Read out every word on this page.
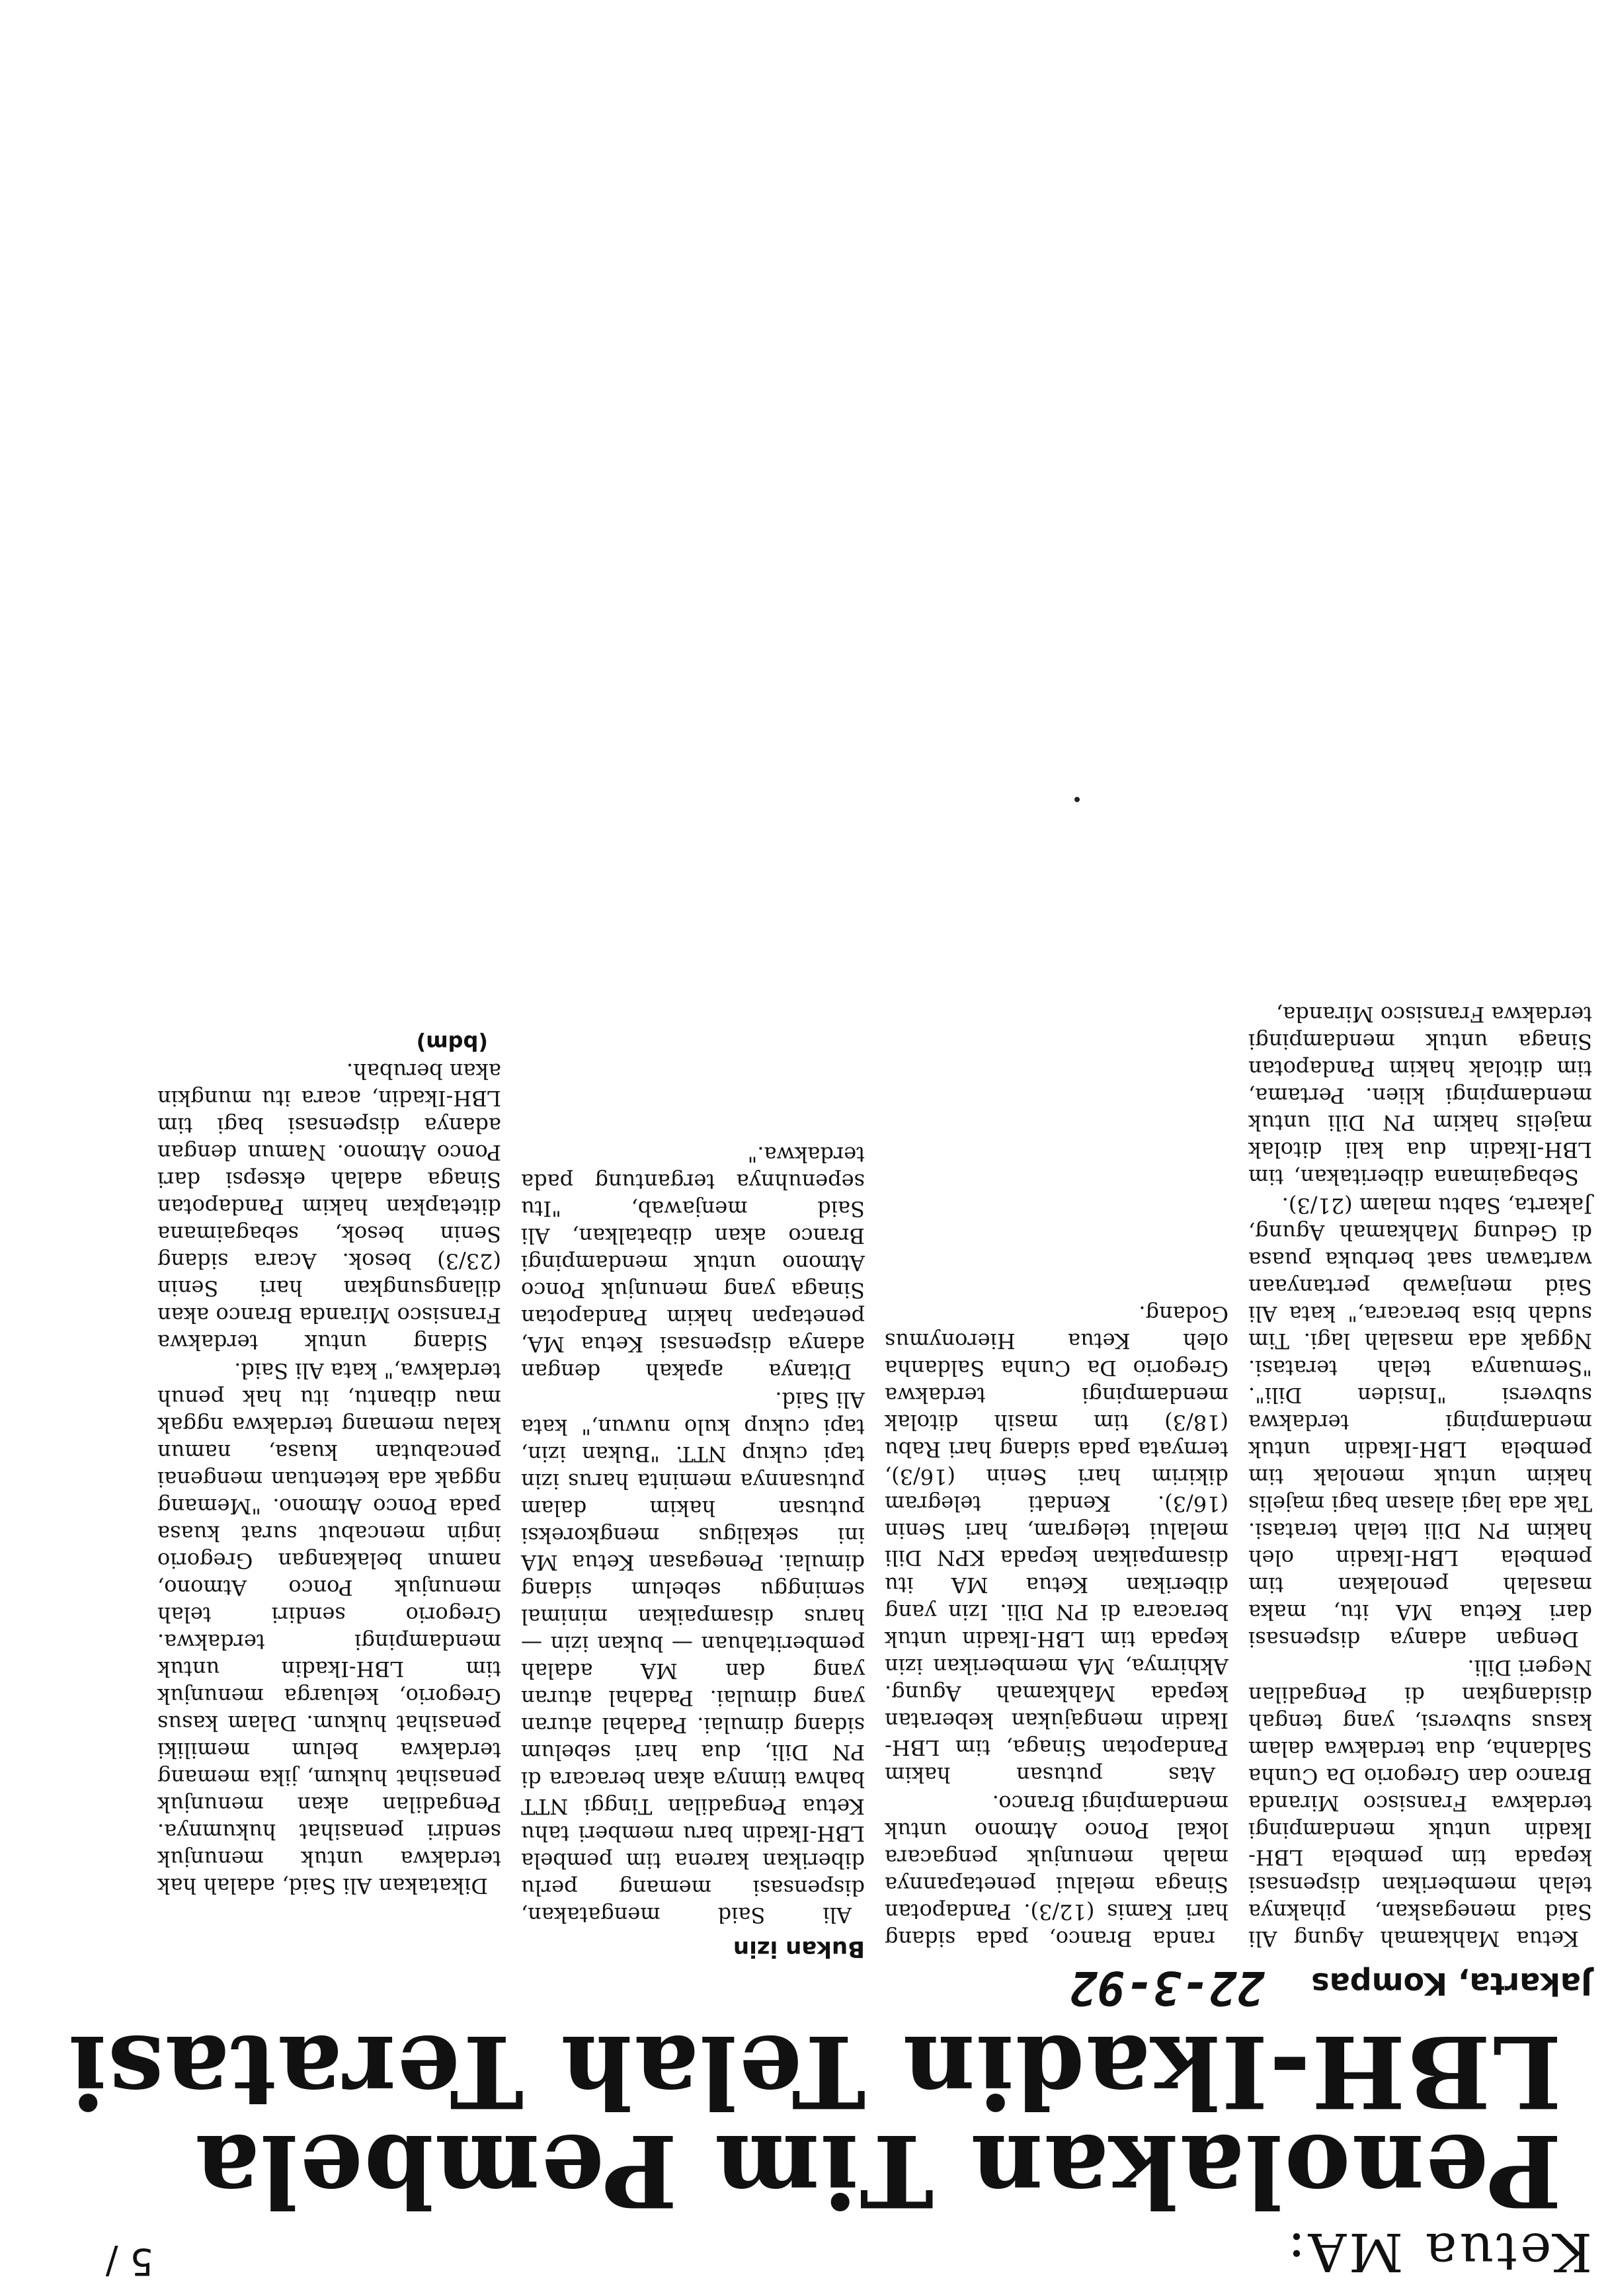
Ketua MA:
Penolakan Tim Pembela
LBH-Ikadin Telah Teratasi
Jakarta, Kompas
22-3-92

Ketua Mahkamah Agung Ali Said menegaskan, pihaknya telah memberikan dispensasi kepada tim pembela LBH-Ikadin untuk mendampingi terdakwa Fransisco Miranda Branco dan Gregorio Da Cunha Saldanha, dua terdakwa dalam kasus subversi, yang tengah disidangkan di Pengadilan Negeri Dili.

Dengan adanya dispensasi dari Ketua MA itu, maka masalah penolakan tim pembela LBH-Ikadin oleh hakim PN Dili telah teratasi. Tak ada lagi alasan bagi majelis hakim untuk menolak tim pembela LBH-Ikadin untuk mendampingi terdakwa subversi "Insiden Dili". "Semuanya telah teratasi. Nggak ada masalah lagi. Tim sudah bisa beracara," kata Ali Said menjawab pertanyaan wartawan saat berbuka puasa di Gedung Mahkamah Agung, Jakarta, Sabtu malam (21/3).

Sebagaimana diberitakan, tim LBH-Ikadin dua kali ditolak majelis hakim PN Dili untuk mendampingi klien. Pertama, tim ditolak hakim Pandapotan Sinaga untuk mendampingi terdakwa Fransisco Miranda,

randa Branco, pada sidang hari Kamis (12/3). Pandapotan Sinaga melalui penetapannya malah menunjuk pengacara lokal Ponco Atmono untuk mendampingi Branco.

Atas putusan hakim Pandapotan Sinaga, tim LBH-Ikadin mengajukan keberatan kepada Mahkamah Agung. Akhirnya, MA memberikan izin kepada tim LBH-Ikadin untuk beracara di PN Dili. Izin yang diberikan Ketua MA itu disampaikan kepada KPN Dili melalui telegram, hari Senin (16/3). Kendati telegram dikirim hari Senin (16/3), ternyata pada sidang hari Rabu (18/3) tim masih ditolak mendampingi terdakwa Gregorio Da Cunha Saldanha oleh Ketua Hieronymus Godang.

Bukan izin

Ali Said mengatakan, dispensasi memang perlu diberikan karena tim pembela LBH-Ikadin baru memberi tahu Ketua Pengadilan Tinggi NTT bahwa timnya akan beracara di PN Dili, dua hari sebelum sidang dimulai. Padahal aturan yang dimulai. Padahal aturan yang dan MA adalah pemberitahuan — bukan izin — harus disampaikan minimal seminggu sebelum sidang dimulai. Penegasan Ketua MA ini sekaligus mengkoreksi putusan hakim dalam putusannya meminta harus izin tapi cukup NTT. "Bukan izin, tapi cukup kulo nuwun," kata Ali Said.

Ditanya apakah dengan adanya dispensasi Ketua MA, penetapan hakim Pandapotan Sinaga yang menunjuk Ponco Atmono untuk mendampingi Branco akan dibatalkan, Ali Said menjawab, "Itu sepenuhnya tergantung pada terdakwa."

Dikatakan Ali Said, adalah hak terdakwa untuk menunjuk sendiri penasihat hukumnya. Pengadilan akan menunjuk penasihat hukum, jika memang terdakwa belum memiliki penasihat hukum. Dalam kasus Gregorio, keluarga menunjuk tim LBH-Ikadin untuk mendampingi terdakwa. Gregorio sendiri telah menunjuk Ponco Atmono, namun belakangan Gregorio ingin mencabut surat kuasa pada Ponco Atmono. "Memang nggak ada ketentuan mengenai pencabutan kuasa, namun kalau memang terdakwa nggak mau dibantu, itu hak penuh terdakwa," kata Ali Said.

Sidang untuk terdakwa Fransisco Miranda Branco akan dilangsungkan hari Senin (23/3) besok. Acara sidang Senin besok, sebagaimana ditetapkan hakim Pandapotan Sinaga adalah eksepsi dari Ponco Atmono. Namun dengan adanya dispensasi bagi tim LBH-Ikadin, acara itu mungkin akan berubah.

(bdm)

5 /
